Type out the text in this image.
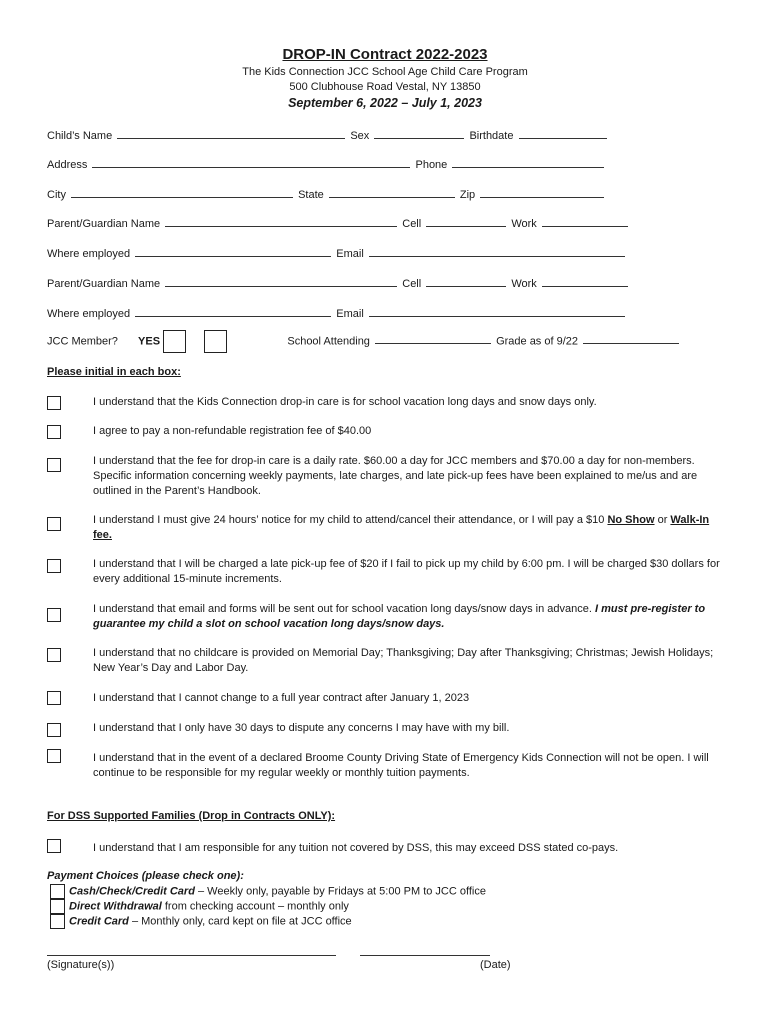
DROP-IN Contract 2022-2023
The Kids Connection JCC School Age Child Care Program
500 Clubhouse Road Vestal, NY 13850
September 6, 2022 – July 1, 2023
Child’s Name	Sex	Birthdate
Address	Phone
City	State	Zip
Parent/Guardian Name	Cell	Work
Where employed	Email
Parent/Guardian Name	Cell	Work
Where employed	Email
JCC Member? YES	School Attending	Grade as of 9/22
Please initial in each box:
I understand that the Kids Connection drop-in care is for school vacation long days and snow days only.
I agree to pay a non-refundable registration fee of $40.00
I understand that the fee for drop-in care is a daily rate. $60.00 a day for JCC members and $70.00 a day for non-members. Specific information concerning weekly payments, late charges, and late pick-up fees have been explained to me/us and are outlined in the Parent’s Handbook.
I understand I must give 24 hours’ notice for my child to attend/cancel their attendance, or I will pay a $10 No Show or Walk-In fee.
I understand that I will be charged a late pick-up fee of $20 if I fail to pick up my child by 6:00 pm. I will be charged $30 dollars for every additional 15-minute increments.
I understand that email and forms will be sent out for school vacation long days/snow days in advance. I must pre-register to guarantee my child a slot on school vacation long days/snow days.
I understand that no childcare is provided on Memorial Day; Thanksgiving; Day after Thanksgiving; Christmas; Jewish Holidays; New Year’s Day and Labor Day.
I understand that I cannot change to a full year contract after January 1, 2023
I understand that I only have 30 days to dispute any concerns I may have with my bill.
I understand that in the event of a declared Broome County Driving State of Emergency Kids Connection will not be open. I will continue to be responsible for my regular weekly or monthly tuition payments.
For DSS Supported Families (Drop in Contracts ONLY):
I understand that I am responsible for any tuition not covered by DSS, this may exceed DSS stated co-pays.
Payment Choices (please check one):
Cash/Check/Credit Card – Weekly only, payable by Fridays at 5:00 PM to JCC office
Direct Withdrawal from checking account – monthly only
Credit Card – Monthly only, card kept on file at JCC office
(Signature(s))	(Date)
